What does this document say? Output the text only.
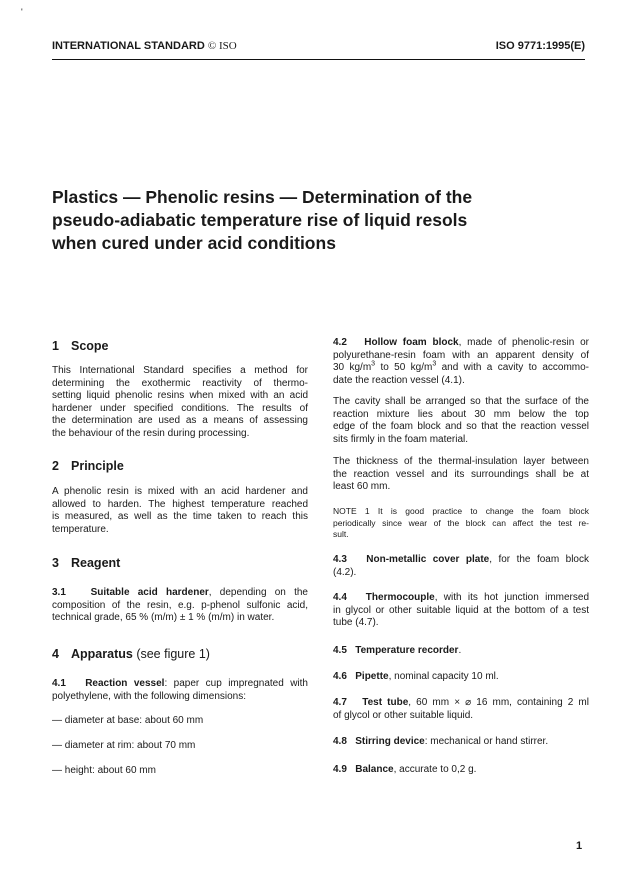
'
INTERNATIONAL STANDARD © ISO	ISO 9771:1995(E)
Plastics — Phenolic resins — Determination of the
pseudo-adiabatic temperature rise of liquid resols
when cured under acid conditions
1 Scope
This International Standard specifies a method for
determining the exothermic reactivity of thermo-
setting liquid phenolic resins when mixed with an acid
hardener under specified conditions. The results of
the determination are used as a means of assessing
the behaviour of the resin during processing.
2 Principle
A phenolic resin is mixed with an acid hardener and
allowed to harden. The highest temperature reached
is measured, as well as the time taken to reach this
temperature.
3 Reagent
3.1 Suitable acid hardener, depending on the
composition of the resin, e.g. p-phenol sulfonic acid,
technical grade, 65 % (m/m) ± 1 % (m/m) in water.
4 Apparatus (see figure 1)
4.1 Reaction vessel: paper cup impregnated with
polyethylene, with the following dimensions:
— diameter at base: about 60 mm
— diameter at rim: about 70 mm
— height: about 60 mm
4.2 Hollow foam block, made of phenolic-resin or
polyurethane-resin foam with an apparent density of
30 $kg/m^3$ to 50 $kg/m^3$ and with a cavity to accommo-
date the reaction vessel (4.1).
The cavity shall be arranged so that the surface of the
reaction mixture lies about 30 mm below the top
edge of the foam block and so that the reaction vessel
sits firmly in the foam material.
The thickness of the thermal-insulation layer between
the reaction vessel and its surroundings shall be at
least 60 mm.
NOTE 1 It is good practice to change the foam block
periodically since wear of the block can affect the test re-
sult.
4.3 Non-metallic cover plate, for the foam block
(4.2).
4.4 Thermocouple, with its hot junction immersed
in glycol or other suitable liquid at the bottom of a test
tube (4.7).
4.5 Temperature recorder.
4.6 Pipette, nominal capacity 10 ml.
4.7 Test tube, 60 mm × ⌀ 16 mm, containing 2 ml
of glycol or other suitable liquid.
4.8 Stirring device: mechanical or hand stirrer.
4.9 Balance, accurate to 0,2 g.
1
